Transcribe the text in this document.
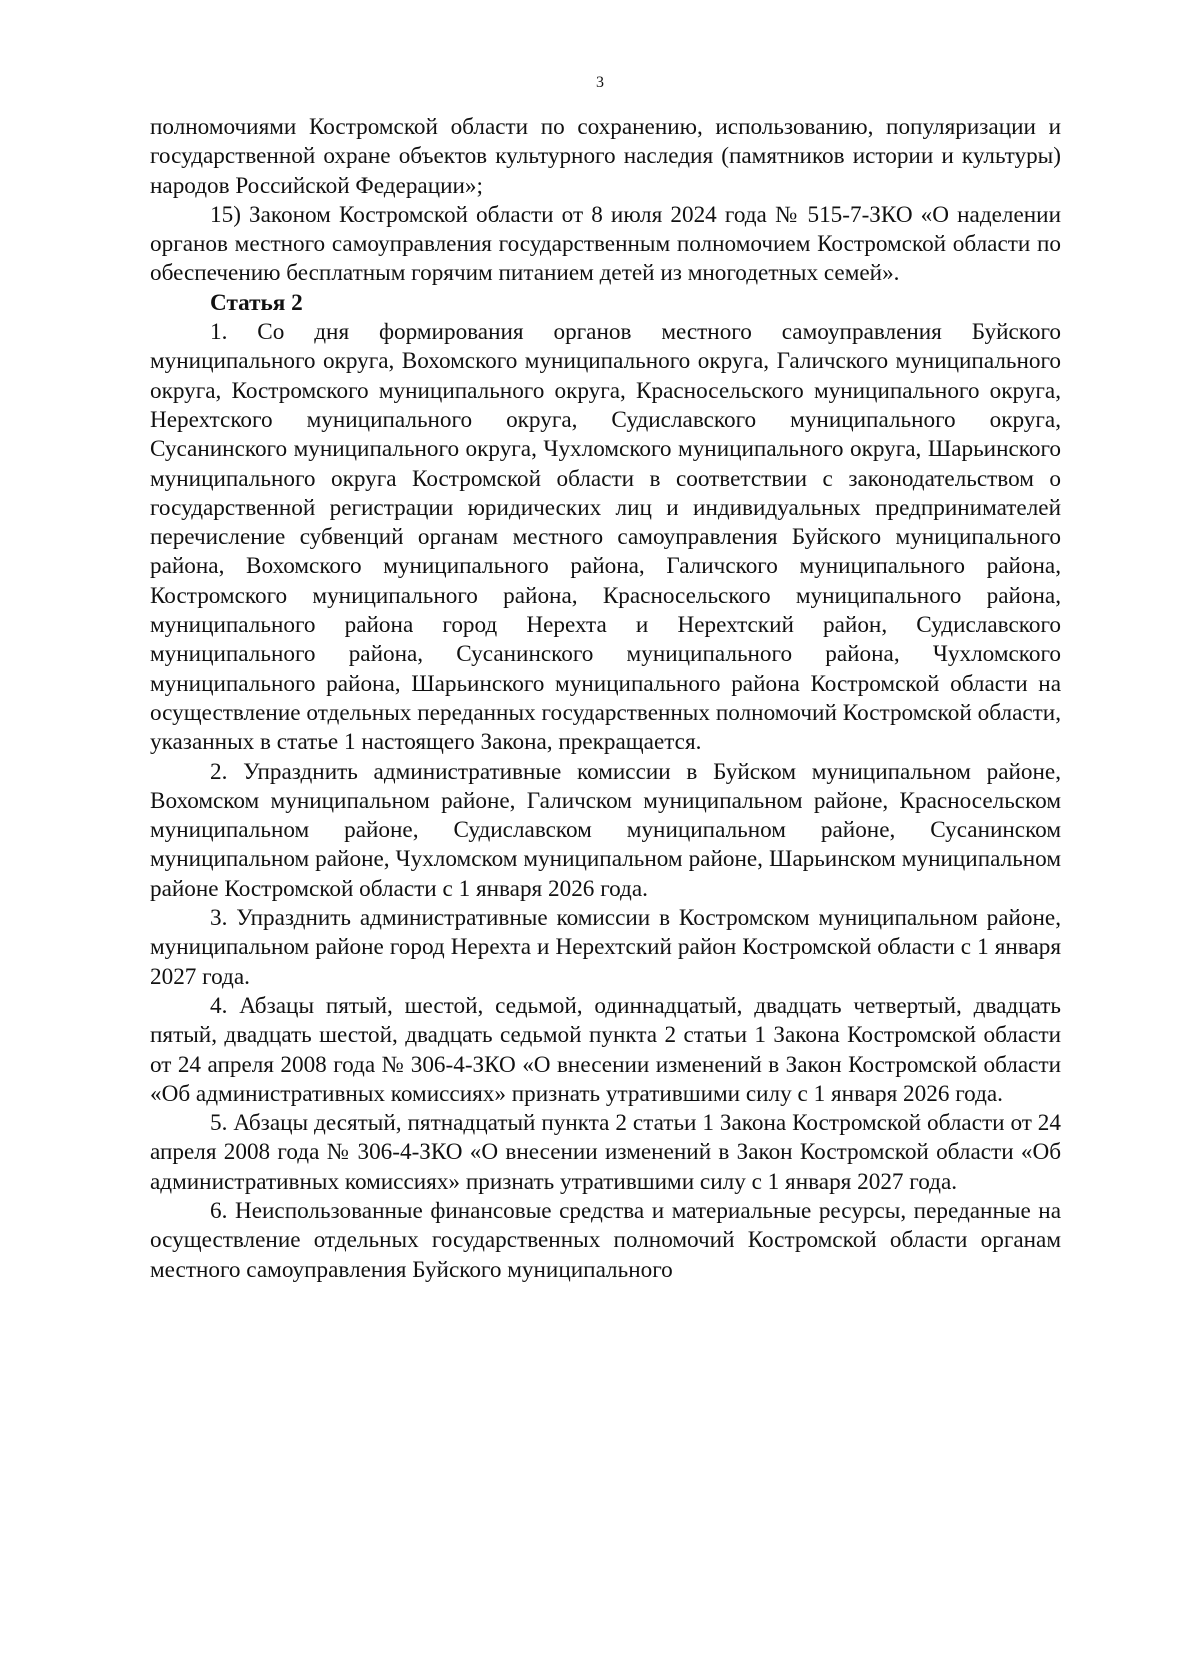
3

полномочиями Костромской области по сохранению, использованию, популяризации и государственной охране объектов культурного наследия (памятников истории и культуры) народов Российской Федерации»;

15) Законом Костромской области от 8 июля 2024 года № 515-7-ЗКО «О наделении органов местного самоуправления государственным полномочием Костромской области по обеспечению бесплатным горячим питанием детей из многодетных семей».

Статья 2

1. Со дня формирования органов местного самоуправления Буйского муниципального округа, Вохомского муниципального округа, Галичского муниципального округа, Костромского муниципального округа, Красносельского муниципального округа, Нерехтского муниципального округа, Судиславского муниципального округа, Сусанинского муниципального округа, Чухломского муниципального округа, Шарьинского муниципального округа Костромской области в соответствии с законодательством о государственной регистрации юридических лиц и индивидуальных предпринимателей перечисление субвенций органам местного самоуправления Буйского муниципального района, Вохомского муниципального района, Галичского муниципального района, Костромского муниципального района, Красносельского муниципального района, муниципального района город Нерехта и Нерехтский район, Судиславского муниципального района, Сусанинского муниципального района, Чухломского муниципального района, Шарьинского муниципального района Костромской области на осуществление отдельных переданных государственных полномочий Костромской области, указанных в статье 1 настоящего Закона, прекращается.

2. Упразднить административные комиссии в Буйском муниципальном районе, Вохомском муниципальном районе, Галичском муниципальном районе, Красносельском муниципальном районе, Судиславском муниципальном районе, Сусанинском муниципальном районе, Чухломском муниципальном районе, Шарьинском муниципальном районе Костромской области с 1 января 2026 года.

3. Упразднить административные комиссии в Костромском муниципальном районе, муниципальном районе город Нерехта и Нерехтский район Костромской области с 1 января 2027 года.

4. Абзацы пятый, шестой, седьмой, одиннадцатый, двадцать четвертый, двадцать пятый, двадцать шестой, двадцать седьмой пункта 2 статьи 1 Закона Костромской области от 24 апреля 2008 года № 306-4-ЗКО «О внесении изменений в Закон Костромской области «Об административных комиссиях» признать утратившими силу с 1 января 2026 года.

5. Абзацы десятый, пятнадцатый пункта 2 статьи 1 Закона Костромской области от 24 апреля 2008 года № 306-4-ЗКО «О внесении изменений в Закон Костромской области «Об административных комиссиях» признать утратившими силу с 1 января 2027 года.

6. Неиспользованные финансовые средства и материальные ресурсы, переданные на осуществление отдельных государственных полномочий Костромской области органам местного самоуправления Буйского муниципального
